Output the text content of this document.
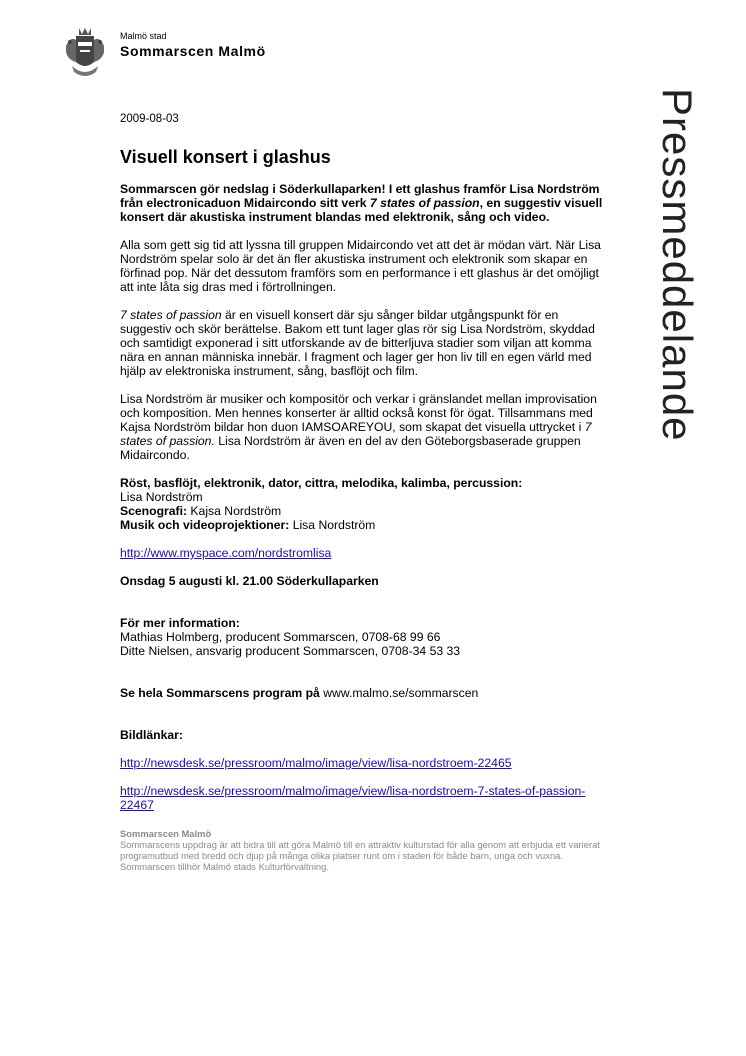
Malmö stad
Sommarscen Malmö
Pressmeddelande
2009-08-03
Visuell konsert i glashus

Sommarscen gör nedslag i Söderkullaparken! I ett glashus framför Lisa Nordström från electronicaduon Midaircondo sitt verk 7 states of passion, en suggestiv visuell konsert där akustiska instrument blandas med elektronik, sång och video.

Alla som gett sig tid att lyssna till gruppen Midaircondo vet att det är mödan värt. När Lisa Nordström spelar solo är det än fler akustiska instrument och elektronik som skapar en förfinad pop. När det dessutom framförs som en performance i ett glashus är det omöjligt att inte låta sig dras med i förtrollningen.

7 states of passion är en visuell konsert där sju sånger bildar utgångspunkt för en suggestiv och skör berättelse. Bakom ett tunt lager glas rör sig Lisa Nordström, skyddad och samtidigt exponerad i sitt utforskande av de bitterljuva stadier som viljan att komma nära en annan människa innebär. I fragment och lager ger hon liv till en egen värld med hjälp av elektroniska instrument, sång, basflöjt och film.

Lisa Nordström är musiker och kompositör och verkar i gränslandet mellan improvisation och komposition. Men hennes konserter är alltid också konst för ögat. Tillsammans med Kajsa Nordström bildar hon duon IAMSOAREYOU, som skapat det visuella uttrycket i 7 states of passion. Lisa Nordström är även en del av den Göteborgsbaserade gruppen Midaircondo.

Röst, basflöjt, elektronik, dator, cittra, melodika, kalimba, percussion:
Lisa Nordström
Scenografi: Kajsa Nordström
Musik och videoprojektioner: Lisa Nordström

http://www.myspace.com/nordstromlisa

Onsdag 5 augusti kl. 21.00 Söderkullaparken

För mer information:
Mathias Holmberg, producent Sommarscen, 0708-68 99 66
Ditte Nielsen, ansvarig producent Sommarscen, 0708-34 53 33

Se hela Sommarscens program på www.malmo.se/sommarscen

Bildlänkar:

http://newsdesk.se/pressroom/malmo/image/view/lisa-nordstroem-22465

http://newsdesk.se/pressroom/malmo/image/view/lisa-nordstroem-7-states-of-passion-22467

Sommarscen Malmö
Sommarscens uppdrag är att bidra till att göra Malmö till en attraktiv kulturstad för alla genom att erbjuda ett varierat programutbud med bredd och djup på många olika platser runt om i staden för både barn, unga och vuxna. Sommarscen tillhör Malmö stads Kulturförvaltning.
